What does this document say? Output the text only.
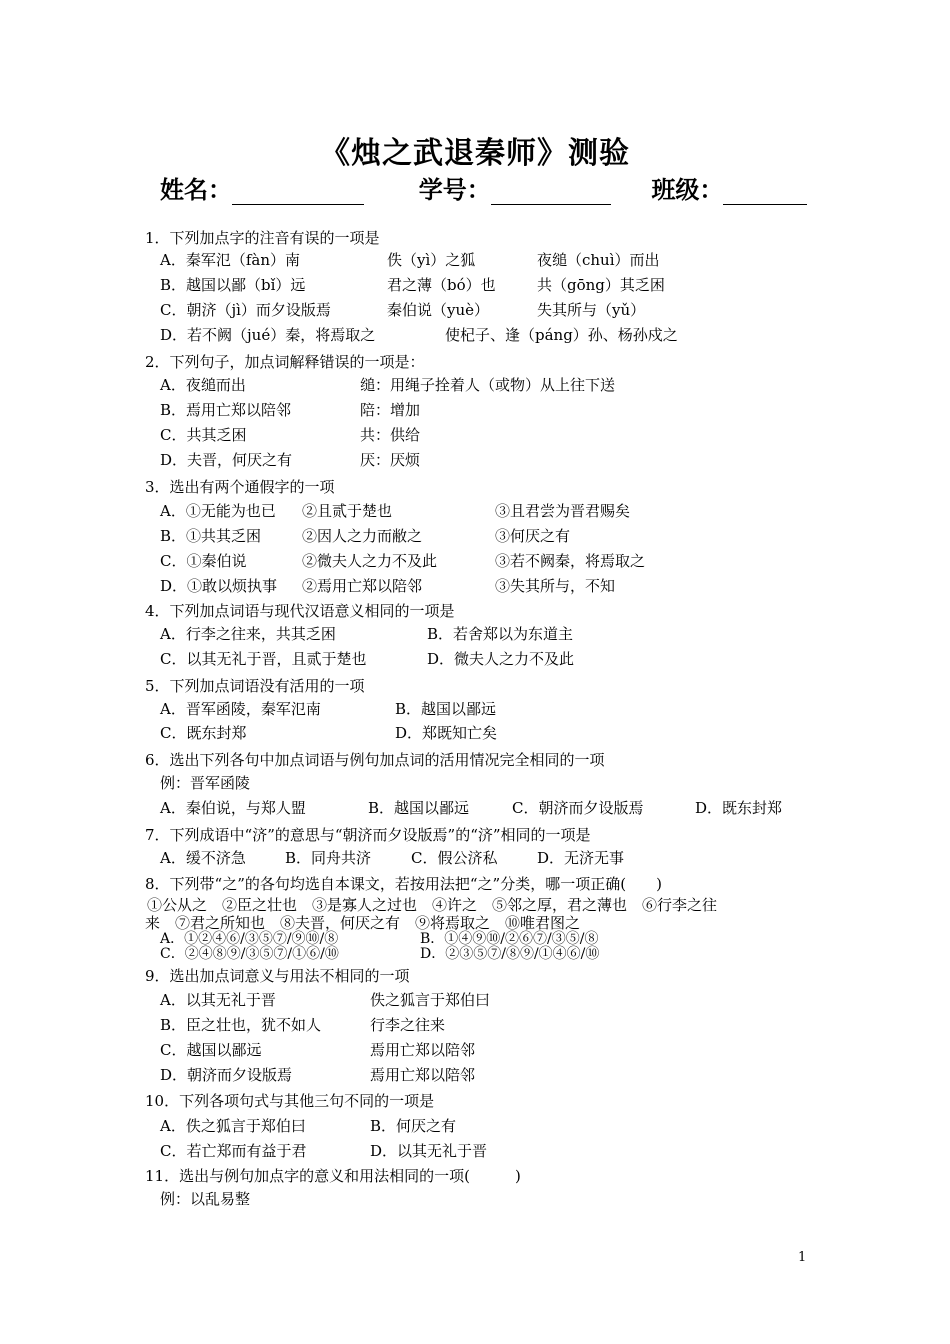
《烛之武退秦师》测验
姓名：	学号：	班级：
1．下列加点字的注音有误的一项是
A．秦军氾（fàn）南	佚（yì）之狐	夜缒（chuì）而出
B．越国以鄙（bǐ）远	君之薄（bó）也	共（gōng）其乏困
C．朝济（jì）而夕设版焉	秦伯说（yuè）	失其所与（yǔ）
D．若不阙（jué）秦，将焉取之	使杞子、逢（páng）孙、杨孙戍之
2．下列句子，加点词解释错误的一项是：
A．夜缒而出	缒：用绳子拴着人（或物）从上往下送
B．焉用亡郑以陪邻	陪：增加
C．共其乏困	共：供给
D．夫晋，何厌之有	厌：厌烦
3．选出有两个通假字的一项
A．①无能为也已 ②且贰于楚也	③且君尝为晋君赐矣
B．①共其乏困	②因人之力而敝之	③何厌之有
C．①秦伯说	②微夫人之力不及此	③若不阙秦，将焉取之
D．①敢以烦执事 ②焉用亡郑以陪邻	③失其所与，不知
4．下列加点词语与现代汉语意义相同的一项是
A．行李之往来，共其乏困	B．若舍郑以为东道主
C．以其无礼于晋，且贰于楚也	D．微夫人之力不及此
5．下列加点词语没有活用的一项
A．晋军函陵，秦军氾南	B．越国以鄙远
C．既东封郑	D．郑既知亡矣
6．选出下列各句中加点词语与例句加点词的活用情况完全相同的一项
例：晋军函陵
A．秦伯说，与郑人盟	B．越国以鄙远	C．朝济而夕设版焉	D．既东封郑
7．下列成语中“济”的意思与“朝济而夕设版焉”的“济”相同的一项是
A．缓不济急	B．同舟共济	C．假公济私	D．无济无事
8．下列带“之”的各句均选自本课文，若按用法把“之”分类，哪一项正确(　　)
①公从之　②臣之壮也　③是寡人之过也　④许之　⑤邻之厚，君之薄也　⑥行李之往
来　⑦君之所知也　⑧夫晋，何厌之有　⑨将焉取之　⑩唯君图之
A．①②④⑥/③⑤⑦/⑨⑩/⑧	B．①④⑨⑩/②⑥⑦/③⑤/⑧
C．②④⑧⑨/③⑤⑦/①⑥/⑩	D．②③⑤⑦/⑧⑨/①④⑥/⑩
9．选出加点词意义与用法不相同的一项
A．以其无礼于晋	佚之狐言于郑伯曰
B．臣之壮也，犹不如人	行李之往来
C．越国以鄙远	焉用亡郑以陪邻
D．朝济而夕设版焉	焉用亡郑以陪邻
10．下列各项句式与其他三句不同的一项是
A．佚之狐言于郑伯曰	B．何厌之有
C．若亡郑而有益于君	D．以其无礼于晋
11．选出与例句加点字的意义和用法相同的一项(　　　)
例：以乱易整
1
